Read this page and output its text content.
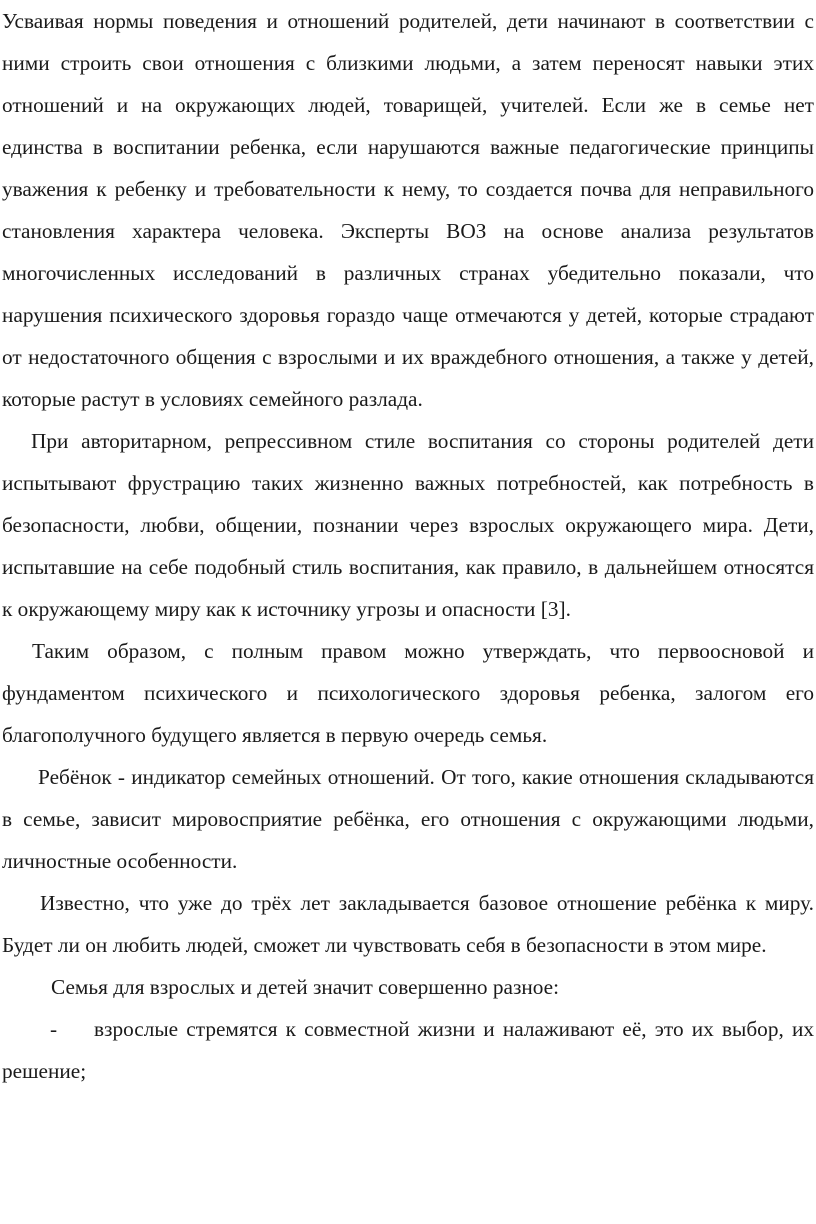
Усваивая нормы поведения и отношений родителей, дети начинают в соответствии с ними строить свои отношения с близкими людьми, а затем переносят навыки этих отношений и на окружающих людей, товарищей, учителей. Если же в семье нет единства в воспитании ребенка, если нарушаются важные педагогические принципы уважения к ребенку и требовательности к нему, то создается почва для неправильного становления характера человека. Эксперты ВОЗ на основе анализа результатов многочисленных исследований в различных странах убедительно показали, что нарушения психического здоровья гораздо чаще отмечаются у детей, которые страдают от недостаточного общения с взрослыми и их враждебного отношения, а также у детей, которые растут в условиях семейного разлада.

При авторитарном, репрессивном стиле воспитания со стороны родителей дети испытывают фрустрацию таких жизненно важных потребностей, как потребность в безопасности, любви, общении, познании через взрослых окружающего мира. Дети, испытавшие на себе подобный стиль воспитания, как правило, в дальнейшем относятся к окружающему миру как к источнику угрозы и опасности [3].

Таким образом, с полным правом можно утверждать, что первоосновой и фундаментом психического и психологического здоровья ребенка, залогом его благополучного будущего является в первую очередь семья.

Ребёнок - индикатор семейных отношений. От того, какие отношения складываются в семье, зависит мировосприятие ребёнка, его отношения с окружающими людьми, личностные особенности.

Известно, что уже до трёх лет закладывается базовое отношение ребёнка к миру. Будет ли он любить людей, сможет ли чувствовать себя в безопасности в этом мире.

Семья для взрослых и детей значит совершенно разное:

- взрослые стремятся к совместной жизни и налаживают её, это их выбор, их решение;
